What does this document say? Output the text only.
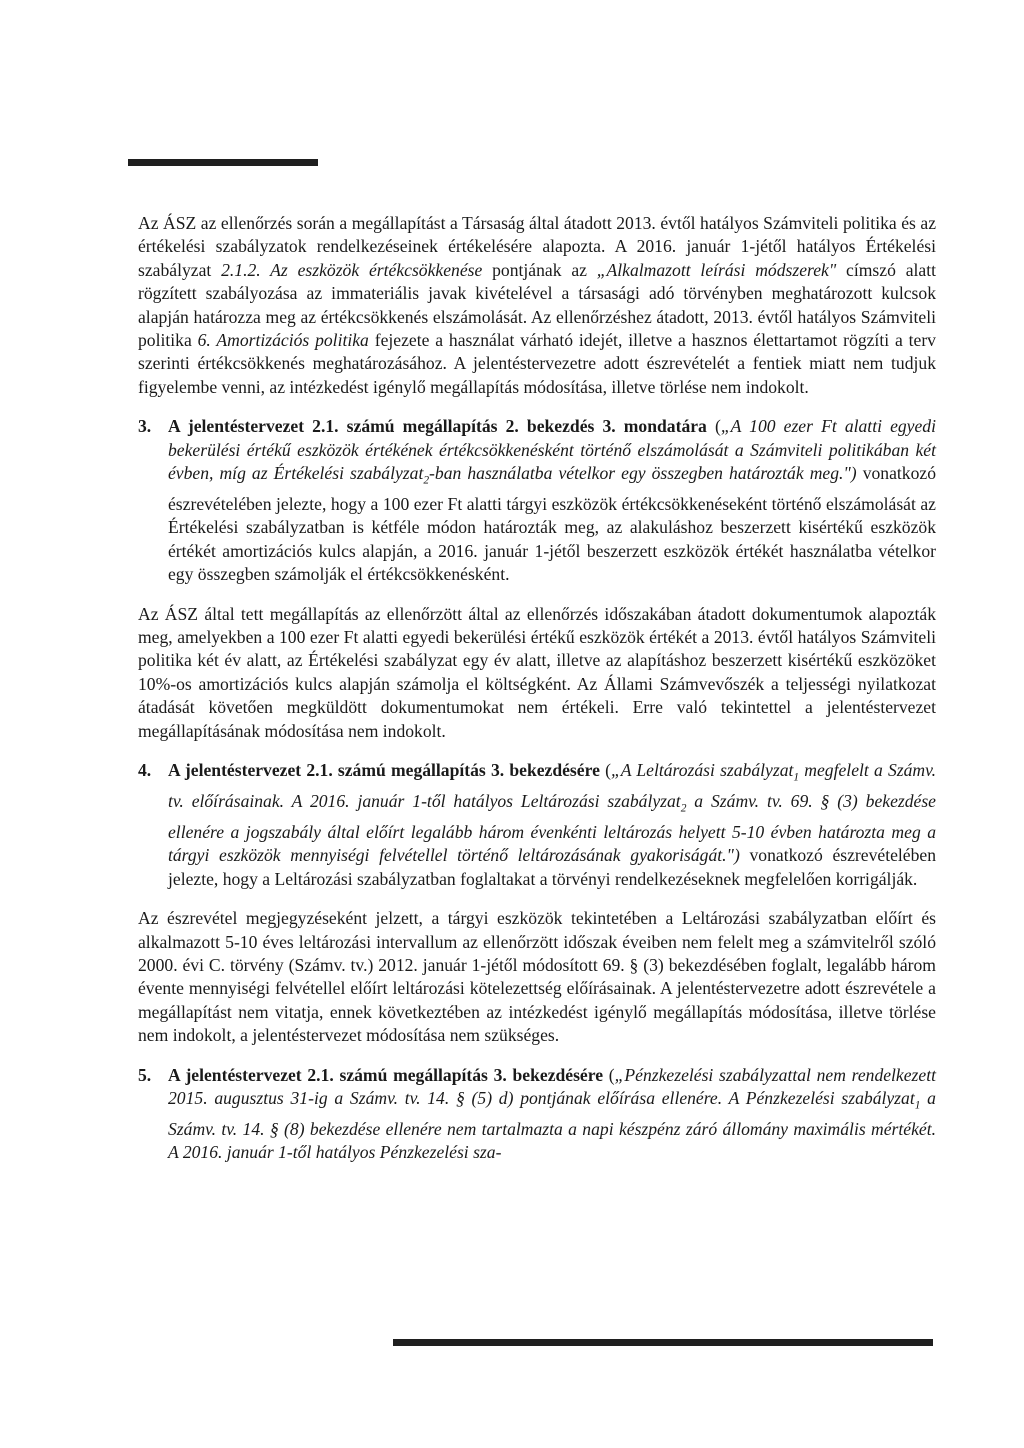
Az ÁSZ az ellenőrzés során a megállapítást a Társaság által átadott 2013. évtől hatályos Számviteli politika és az értékelési szabályzatok rendelkezéseinek értékelésére alapozta. A 2016. január 1-jétől hatályos Értékelési szabályzat 2.1.2. Az eszközök értékcsökkenése pontjának az „Alkalmazott leírási módszerek" címszó alatt rögzített szabályozása az immateriális javak kivételével a társasági adó törvényben meghatározott kulcsok alapján határozza meg az értékcsökkenés elszámolását. Az ellenőrzéshez átadott, 2013. évtől hatályos Számviteli politika 6. Amortizációs politika fejezete a használat várható idejét, illetve a hasznos élettartamot rögzíti a terv szerinti értékcsökkenés meghatározásához. A jelentéstervezetre adott észrevételét a fentiek miatt nem tudjuk figyelembe venni, az intézkedést igénylő megállapítás módosítása, illetve törlése nem indokolt.

3. A jelentéstervezet 2.1. számú megállapítás 2. bekezdés 3. mondatára („A 100 ezer Ft alatti egyedi bekerülési értékű eszközök értékének értékcsökkenésként történő elszámolását a Számviteli politikában két évben, míg az Értékelési szabályzat$_2$-ban használatba vételkor egy összegben határozták meg.") vonatkozó észrevételében jelezte, hogy a 100 ezer Ft alatti tárgyi eszközök értékcsökkenéseként történő elszámolását az Értékelési szabályzatban is kétféle módon határozták meg, az alakuláshoz beszerzett kisértékű eszközök értékét amortizációs kulcs alapján, a 2016. január 1-jétől beszerzett eszközök értékét használatba vételkor egy összegben számolják el értékcsökkenésként.

Az ÁSZ által tett megállapítás az ellenőrzött által az ellenőrzés időszakában átadott dokumentumok alapozták meg, amelyekben a 100 ezer Ft alatti egyedi bekerülési értékű eszközök értékét a 2013. évtől hatályos Számviteli politika két év alatt, az Értékelési szabályzat egy év alatt, illetve az alapításhoz beszerzett kisértékű eszközöket 10%-os amortizációs kulcs alapján számolja el költségként. Az Állami Számvevőszék a teljességi nyilatkozat átadását követően megküldött dokumentumokat nem értékeli. Erre való tekintettel a jelentéstervezet megállapításának módosítása nem indokolt.

4. A jelentéstervezet 2.1. számú megállapítás 3. bekezdésére („A Leltározási szabályzat$_1$ megfelelt a Számv. tv. előírásainak. A 2016. január 1-től hatályos Leltározási szabályzat$_2$ a Számv. tv. 69. § (3) bekezdése ellenére a jogszabály által előírt legalább három évenkénti leltározás helyett 5-10 évben határozta meg a tárgyi eszközök mennyiségi felvétellel történő leltározásának gyakoriságát.") vonatkozó észrevételében jelezte, hogy a Leltározási szabályzatban foglaltakat a törvényi rendelkezéseknek megfelelően korrigálják.

Az észrevétel megjegyzéseként jelzett, a tárgyi eszközök tekintetében a Leltározási szabályzatban előírt és alkalmazott 5-10 éves leltározási intervallum az ellenőrzött időszak éveiben nem felelt meg a számvitelről szóló 2000. évi C. törvény (Számv. tv.) 2012. január 1-jétől módosított 69. § (3) bekezdésében foglalt, legalább három évente mennyiségi felvétellel előírt leltározási kötelezettség előírásainak. A jelentéstervezetre adott észrevétele a megállapítást nem vitatja, ennek következtében az intézkedést igénylő megállapítás módosítása, illetve törlése nem indokolt, a jelentéstervezet módosítása nem szükséges.

5. A jelentéstervezet 2.1. számú megállapítás 3. bekezdésére („Pénzkezelési szabályzattal nem rendelkezett 2015. augusztus 31-ig a Számv. tv. 14. § (5) d) pontjának előírása ellenére. A Pénzkezelési szabályzat$_1$ a Számv. tv. 14. § (8) bekezdése ellenére nem tartalmazta a napi készpénz záró állomány maximális mértékét. A 2016. január 1-től hatályos Pénzkezelési sza-
